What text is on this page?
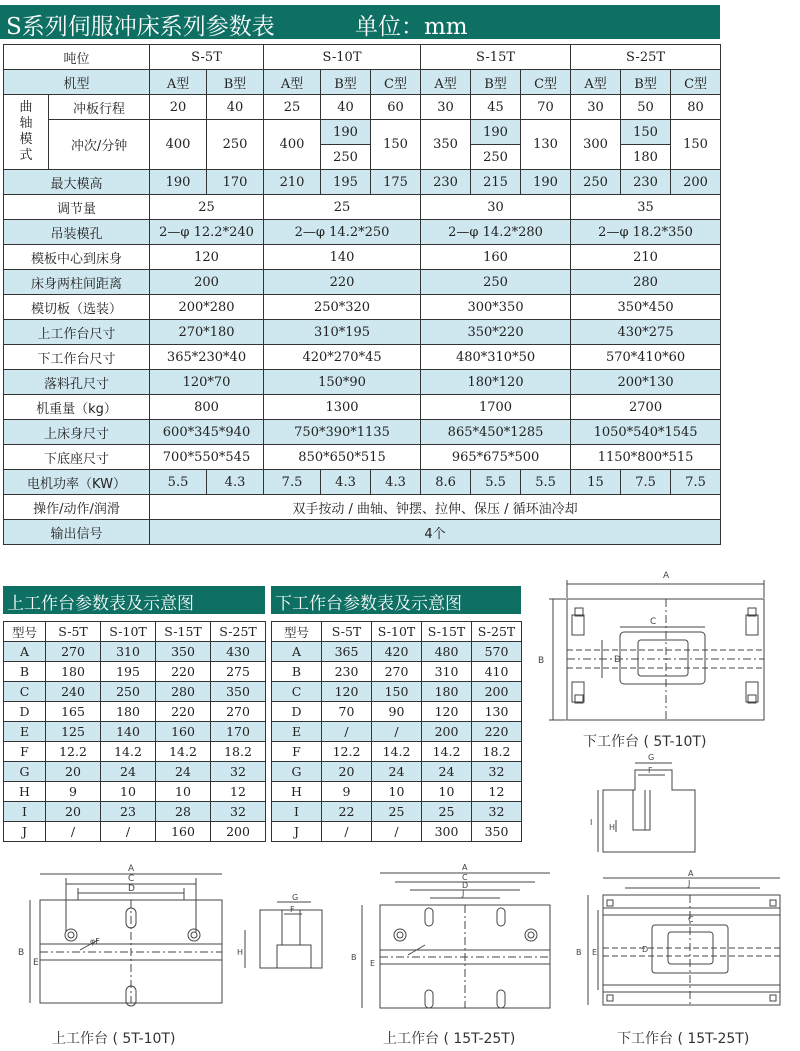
S系列伺服冲床系列参数表	单位：mm
吨位		S-5T		S-10T			S-15T			S-25T		
机型		A型	B型	A型	B型	C型	A型	B型	C型	A型	B型	C型
曲轴模式	冲板行程	20	40	25	40	60	30	45	70	30	50	80
	冲次/分钟	400	250	400	190	150	350	190	130	300	150	150
					250			250			180	
最大模高		190	170	210	195	175	230	215	190	250	230	200
调节量		25		25			30			35		
吊装模孔		2—φ 12.2*240		2—φ 14.2*250			2—φ 14.2*280			2—φ 18.2*350		
模板中心到床身		120		140			160			210		
床身两柱间距离		200		220			250			280		
模切板（选装）		200*280		250*320			300*350			350*450		
上工作台尺寸		270*180		310*195			350*220			430*275		
下工作台尺寸		365*230*40		420*270*45			480*310*50			570*410*60		
落料孔尺寸		120*70		150*90			180*120			200*130		
机重量（kg）		800		1300			1700			2700		
上床身尺寸		600*345*940		750*390*1135			865*450*1285			1050*540*1545		
下底座尺寸		700*550*545		850*650*515			965*675*500			1150*800*515		
电机功率（KW）		5.5	4.3	7.5	4.3	4.3	8.6	5.5	5.5	15	7.5	7.5
操作/动作/润滑		双手按动 / 曲轴、钟摆、拉伸、保压 / 循环油冷却										
输出信号		4个										
上工作台参数表及示意图
型号	S-5T	S-10T	S-15T	S-25T
A	270	310	350	430
B	180	195	220	275
C	240	250	280	350
D	165	180	220	270
E	125	140	160	170
F	12.2	14.2	14.2	18.2
G	20	24	24	32
H	9	10	10	12
I	20	23	28	32
J	/	/	160	200
下工作台参数表及示意图
型号	S-5T	S-10T	S-15T	S-25T
A	365	420	480	570
B	230	270	310	410
C	120	150	180	200
D	70	90	120	130
E	/	/	200	220
F	12.2	14.2	14.2	18.2
G	20	24	24	32
H	9	10	10	12
I	22	25	25	32
J	/	/	300	350
A
B
C
D
G
F
I
H
A
C
D
B
E
φF
G
F
H
A
C
D
J
B
E
A
J
B E
C
D
下工作台 ( 5T-10T)
上工作台 ( 5T-10T)	上工作台 ( 15T-25T)	下工作台 ( 15T-25T)
